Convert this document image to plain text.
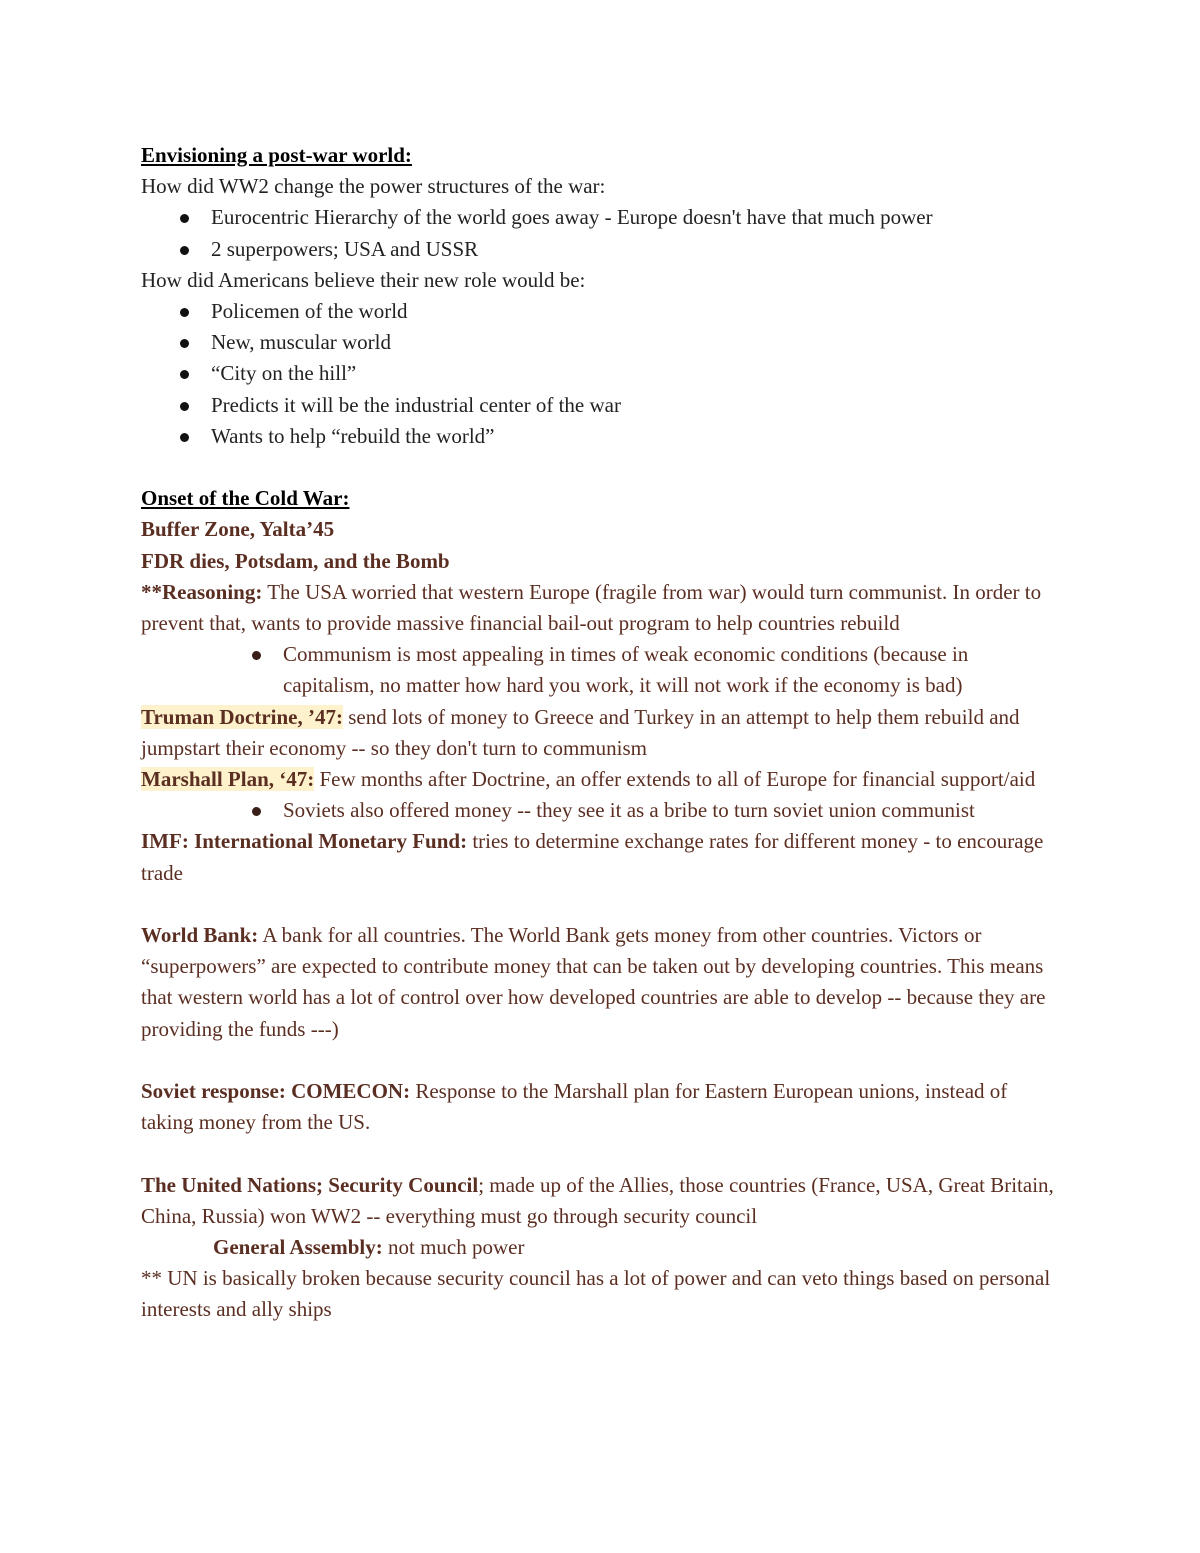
Envisioning a post-war world:

How did WW2 change the power structures of the war:

Eurocentric Hierarchy of the world goes away - Europe doesn't have that much power
2 superpowers; USA and USSR

How did Americans believe their new role would be:

Policemen of the world
New, muscular world
“City on the hill”
Predicts it will be the industrial center of the war
Wants to help “rebuild the world”

Onset of the Cold War:

Buffer Zone, Yalta’45

FDR dies, Potsdam, and the Bomb

**Reasoning: The USA worried that western Europe (fragile from war) would turn communist. In order to prevent that, wants to provide massive financial bail-out program to help countries rebuild

Communism is most appealing in times of weak economic conditions (because in capitalism, no matter how hard you work, it will not work if the economy is bad)

Truman Doctrine, ’47: send lots of money to Greece and Turkey in an attempt to help them rebuild and jumpstart their economy -- so they don't turn to communism

Marshall Plan, ‘47: Few months after Doctrine, an offer extends to all of Europe for financial support/aid

Soviets also offered money -- they see it as a bribe to turn soviet union communist

IMF: International Monetary Fund: tries to determine exchange rates for different money - to encourage trade

World Bank: A bank for all countries. The World Bank gets money from other countries. Victors or “superpowers” are expected to contribute money that can be taken out by developing countries. This means that western world has a lot of control over how developed countries are able to develop -- because they are providing the funds ---)

Soviet response: COMECON: Response to the Marshall plan for Eastern European unions, instead of taking money from the US.

The United Nations; Security Council; made up of the Allies, those countries (France, USA, Great Britain, China, Russia) won WW2 -- everything must go through security council

General Assembly: not much power

** UN is basically broken because security council has a lot of power and can veto things based on personal interests and ally ships
